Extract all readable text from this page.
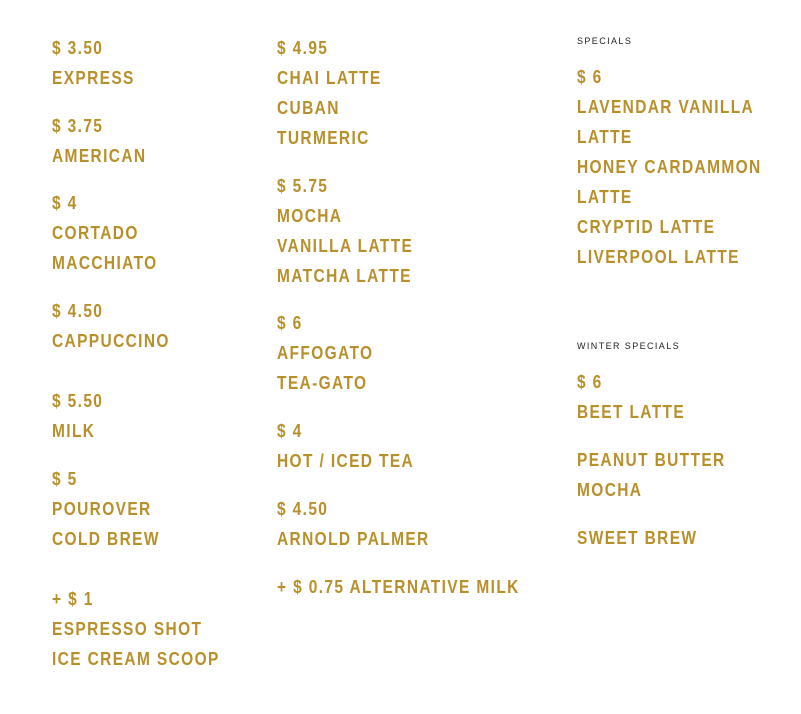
$ 3.50
EXPRESS
$ 3.75
AMERICAN
$ 4
CORTADO
MACCHIATO
$ 4.50
CAPPUCCINO
$ 5.50
MILK
$ 5
POUROVER
COLD BREW
+ $ 1
ESPRESSO SHOT
ICE CREAM SCOOP
$ 4.95
CHAI LATTE
CUBAN
TURMERIC
$ 5.75
MOCHA
VANILLA LATTE
MATCHA LATTE
$ 6
AFFOGATO
TEA-GATO
$ 4
HOT / ICED TEA
$ 4.50
ARNOLD PALMER
+ $ 0.75 ALTERNATIVE MILK
SPECIALS
$ 6
LAVENDAR VANILLA
LATTE
HONEY CARDAMMON
LATTE
CRYPTID LATTE
LIVERPOOL LATTE
WINTER SPECIALS
$ 6
BEET LATTE
PEANUT BUTTER
MOCHA
SWEET BREW
